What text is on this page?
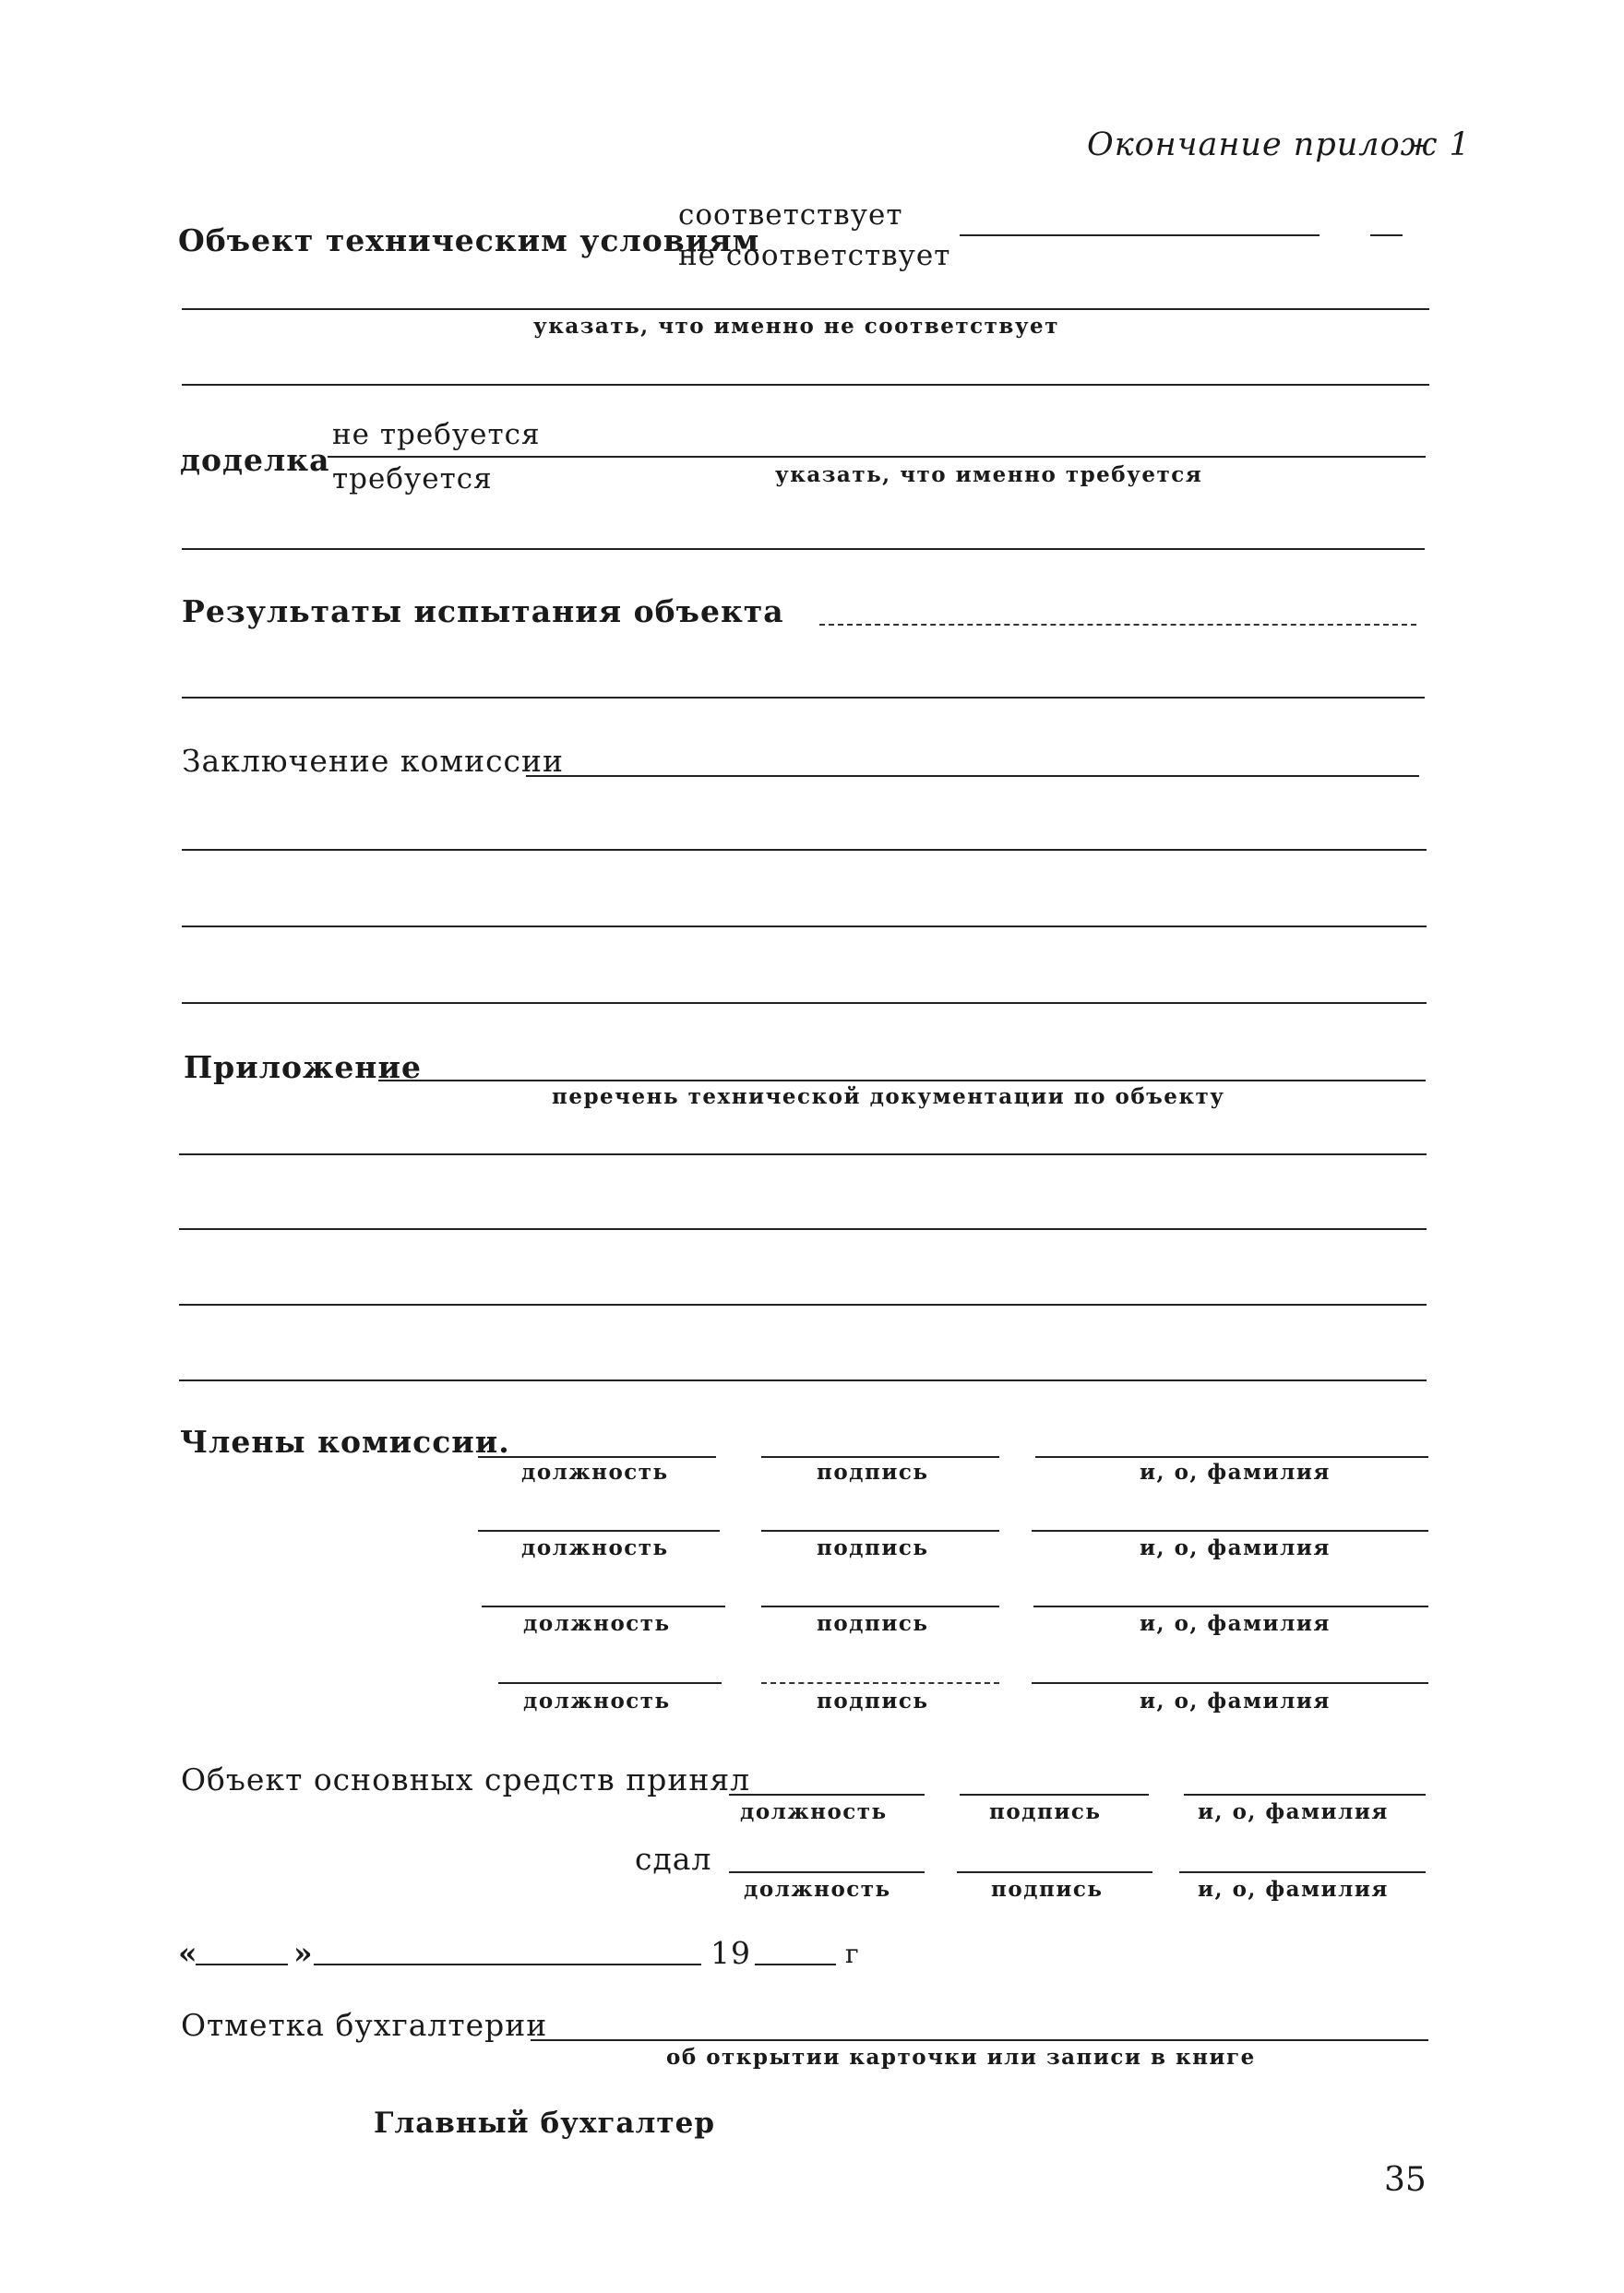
Окончание прилож 1
Объект техническим условиям
соответствует
не соответствует
указать, что именно не соответствует
доделка
не требуется
требуется	указать, что именно требуется
Результаты испытания объекта
Заключение комиссии
Приложение
перечень технической документации по объекту
Члены комиссии.
должность	подпись	и, о, фамилия
должность	подпись	и, о, фамилия
должность	подпись	и, о, фамилия
должность	подпись	и, о, фамилия
Объект основных средств принял
должность	подпись	и, о, фамилия
сдал
должность	подпись	и, о, фамилия
«	»	19	г
Отметка бухгалтерии
об открытии карточки или записи в книге
Главный бухгалтер
35
